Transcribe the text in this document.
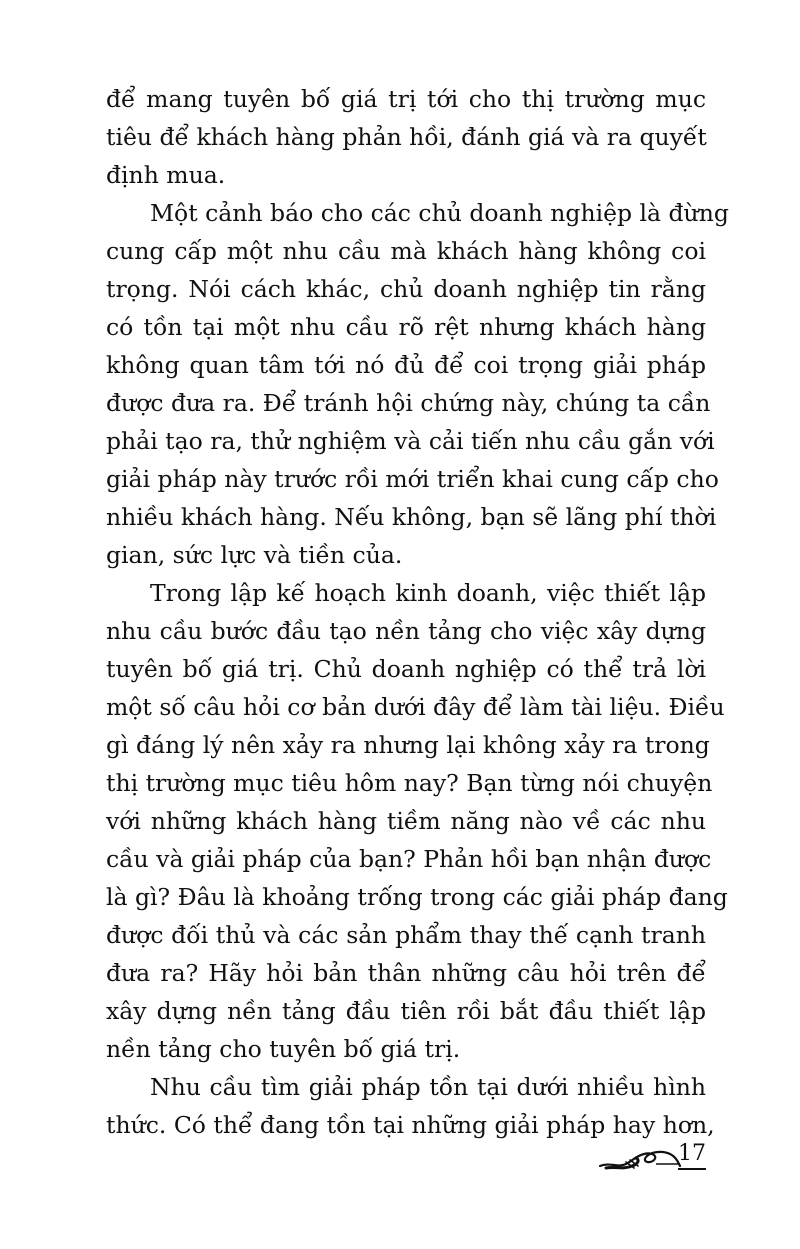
để mang tuyên bố giá trị tới cho thị trường mục
tiêu để khách hàng phản hồi, đánh giá và ra quyết
định mua.
Một cảnh báo cho các chủ doanh nghiệp là đừng
cung cấp một nhu cầu mà khách hàng không coi
trọng. Nói cách khác, chủ doanh nghiệp tin rằng
có tồn tại một nhu cầu rõ rệt nhưng khách hàng
không quan tâm tới nó đủ để coi trọng giải pháp
được đưa ra. Để tránh hội chứng này, chúng ta cần
phải tạo ra, thử nghiệm và cải tiến nhu cầu gắn với
giải pháp này trước rồi mới triển khai cung cấp cho
nhiều khách hàng. Nếu không, bạn sẽ lãng phí thời
gian, sức lực và tiền của.
Trong lập kế hoạch kinh doanh, việc thiết lập
nhu cầu bước đầu tạo nền tảng cho việc xây dựng
tuyên bố giá trị. Chủ doanh nghiệp có thể trả lời
một số câu hỏi cơ bản dưới đây để làm tài liệu. Điều
gì đáng lý nên xảy ra nhưng lại không xảy ra trong
thị trường mục tiêu hôm nay? Bạn từng nói chuyện
với những khách hàng tiềm năng nào về các nhu
cầu và giải pháp của bạn? Phản hồi bạn nhận được
là gì? Đâu là khoảng trống trong các giải pháp đang
được đối thủ và các sản phẩm thay thế cạnh tranh
đưa ra? Hãy hỏi bản thân những câu hỏi trên để
xây dựng nền tảng đầu tiên rồi bắt đầu thiết lập
nền tảng cho tuyên bố giá trị.
Nhu cầu tìm giải pháp tồn tại dưới nhiều hình
thức. Có thể đang tồn tại những giải pháp hay hơn,
17
